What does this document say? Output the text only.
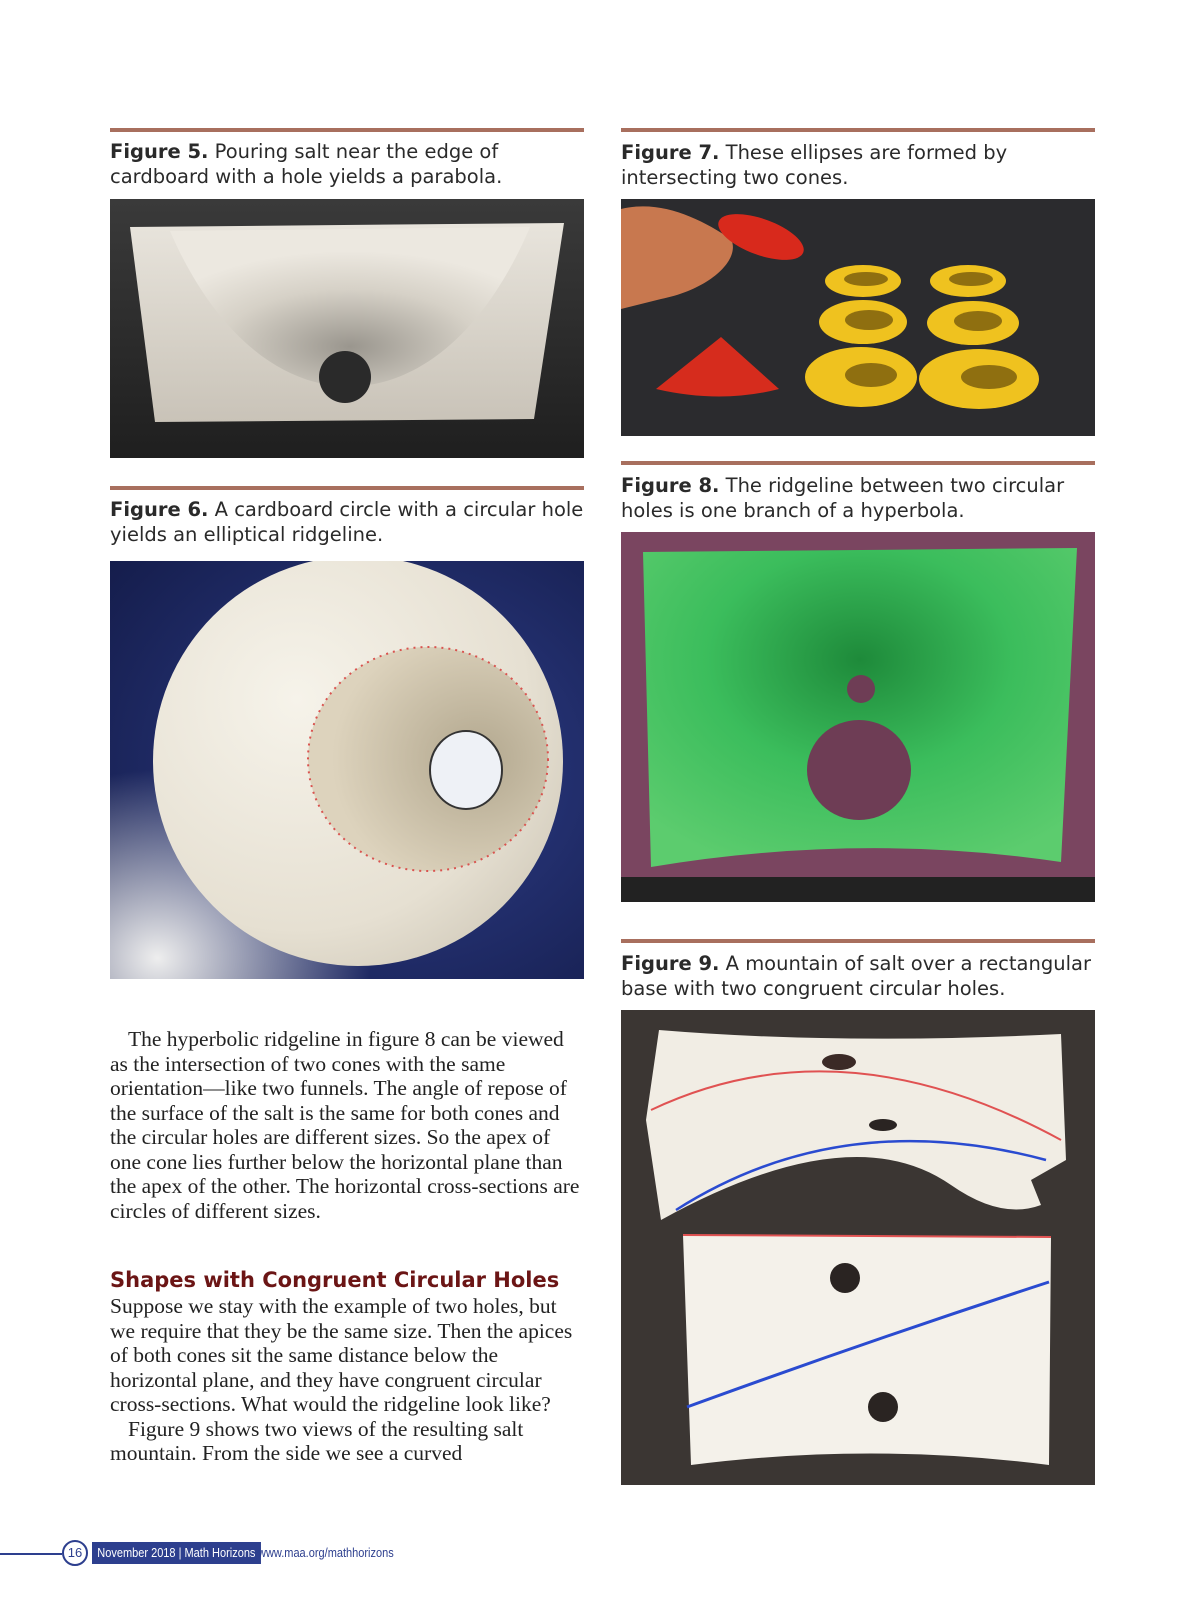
Figure 5. Pouring salt near the edge of cardboard with a hole yields a parabola.
Figure 6. A cardboard circle with a circular hole yields an elliptical ridgeline.

The hyperbolic ridgeline in figure 8 can be viewed as the intersection of two cones with the same orientation—like two funnels. The angle of repose of the surface of the salt is the same for both cones and the circular holes are different sizes. So the apex of one cone lies further below the horizontal plane than the apex of the other. The horizontal cross-sections are circles of different sizes.

Shapes with Congruent Circular Holes

Suppose we stay with the example of two holes, but we require that they be the same size. Then the apices of both cones sit the same distance below the horizontal plane, and they have congruent circular cross-sections. What would the ridgeline look like?

Figure 9 shows two views of the resulting salt mountain. From the side we see a curved

Figure 7. These ellipses are formed by intersecting two cones.
Figure 8. The ridgeline between two circular holes is one branch of a hyperbola.
Figure 9. A mountain of salt over a rectangular base with two congruent circular holes.
16	November 2018 | Math Horizons www.maa.org/mathhorizons
